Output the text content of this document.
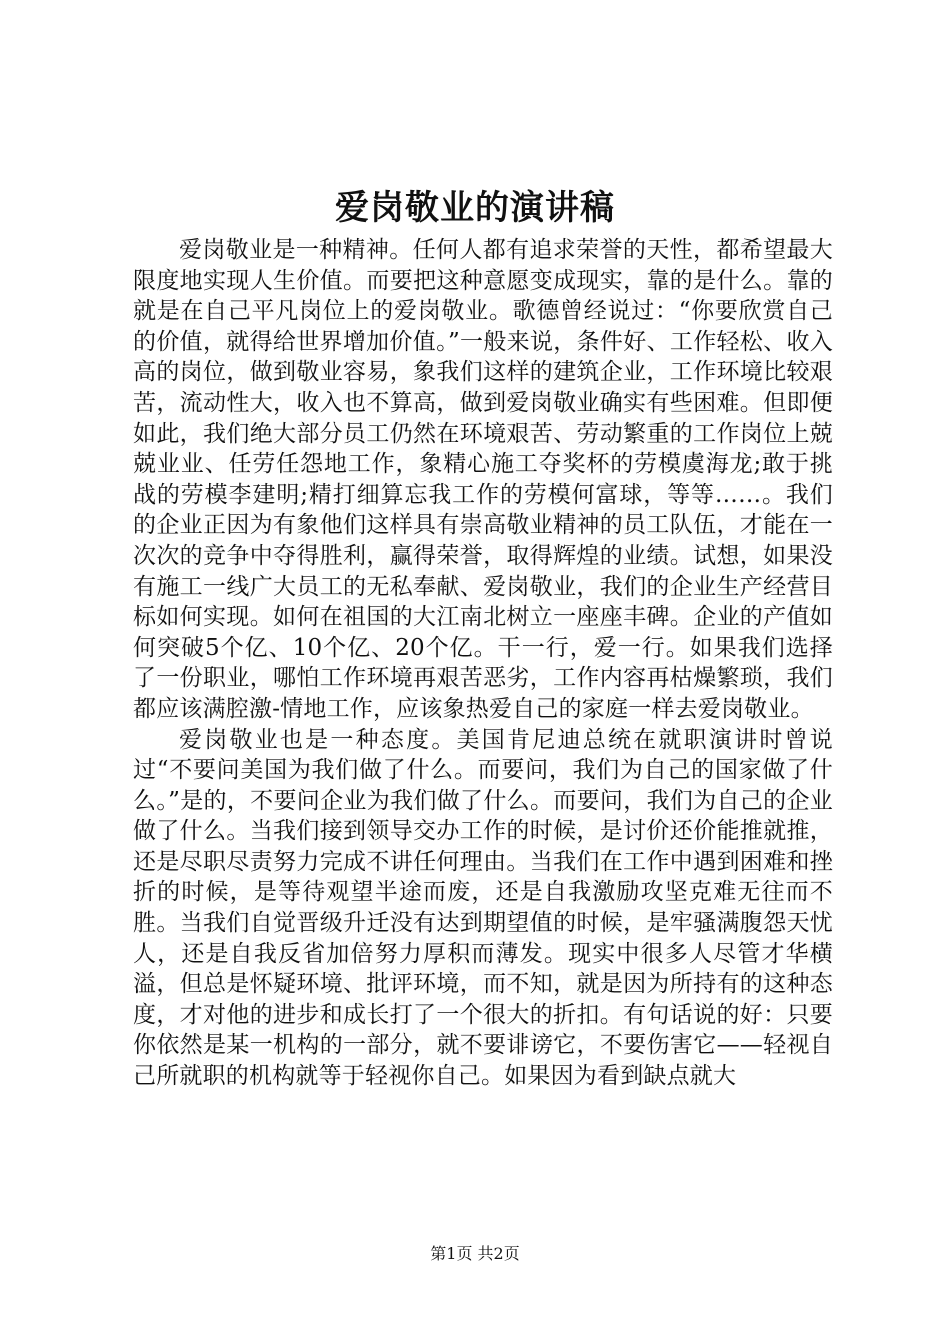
爱岗敬业的演讲稿

爱岗敬业是一种精神。任何人都有追求荣誉的天性，都希望最大限度地实现人生价值。而要把这种意愿变成现实，靠的是什么。靠的就是在自己平凡岗位上的爱岗敬业。歌德曾经说过：“你要欣赏自己的价值，就得给世界增加价值。”一般来说，条件好、工作轻松、收入高的岗位，做到敬业容易，象我们这样的建筑企业，工作环境比较艰苦，流动性大，收入也不算高，做到爱岗敬业确实有些困难。但即便如此，我们绝大部分员工仍然在环境艰苦、劳动繁重的工作岗位上兢兢业业、任劳任怨地工作，象精心施工夺奖杯的劳模虞海龙;敢于挑战的劳模李建明;精打细算忘我工作的劳模何富球，等等……。我们的企业正因为有象他们这样具有崇高敬业精神的员工队伍，才能在一次次的竞争中夺得胜利，赢得荣誉，取得辉煌的业绩。试想，如果没有施工一线广大员工的无私奉献、爱岗敬业，我们的企业生产经营目标如何实现。如何在祖国的大江南北树立一座座丰碑。企业的产值如何突破5个亿、10个亿、20个亿。干一行，爱一行。如果我们选择了一份职业，哪怕工作环境再艰苦恶劣，工作内容再枯燥繁琐，我们都应该满腔激-情地工作，应该象热爱自己的家庭一样去爱岗敬业。

爱岗敬业也是一种态度。美国肯尼迪总统在就职演讲时曾说过“不要问美国为我们做了什么。而要问，我们为自己的国家做了什么。”是的，不要问企业为我们做了什么。而要问，我们为自己的企业做了什么。当我们接到领导交办工作的时候，是讨价还价能推就推，还是尽职尽责努力完成不讲任何理由。当我们在工作中遇到困难和挫折的时候，是等待观望半途而废，还是自我激励攻坚克难无往而不胜。当我们自觉晋级升迁没有达到期望值的时候，是牢骚满腹怨天忧人，还是自我反省加倍努力厚积而薄发。现实中很多人尽管才华横溢，但总是怀疑环境、批评环境，而不知，就是因为所持有的这种态度，才对他的进步和成长打了一个很大的折扣。有句话说的好：只要你依然是某一机构的一部分，就不要诽谤它，不要伤害它——轻视自己所就职的机构就等于轻视你自己。如果因为看到缺点就大

第1页 共2页
